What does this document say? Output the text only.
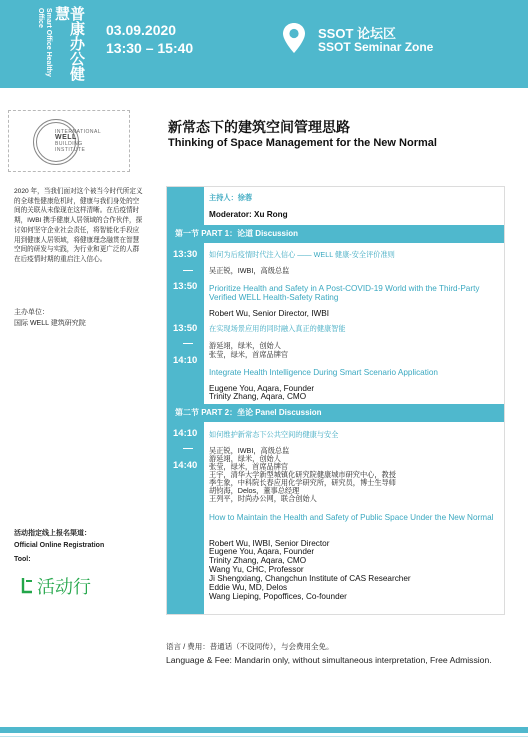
普康办公健慧
Smart Office Healthy Office
03.09.2020
13:30 – 15:40
SSOT 论坛区
SSOT Seminar Zone
INTERNATIONAL
WELL
BUILDING
INSTITUTE
新常态下的建筑空间管理思路
Thinking of Space Management for the New Normal
2020 年，当我们面对这个被当今时代所定义的全球性健康危机时，健康与我们身处的空间的关联从未像现在这样清晰。在后疫情时期，IWBI 携手健康人居领域的合作伙伴，探讨如何坚守企业社会责任，将智能化手段应用到健康人居领域，将健康理念融贯在智慧空间的研发与实践，为行业和更广泛的人群在后疫情时期的重启注入信心。
主办单位：
国际 WELL 建筑研究院
活动指定线上报名渠道：
Official Online Registration
Tool:
活动行
主持人：徐蓉
Moderator: Xu Rong
第一节 PART 1：论道 Discussion
13:30
13:50
如何为后疫情时代注入信心 —— WELL 健康-安全评价准则
吴正锐，IWBI，高级总监
Prioritize Health and Safety in A Post-COVID-19 World with the Third-Party Verified WELL Health-Safety Rating
Robert Wu, Senior Director, IWBI
13:50
14:10
在实现场景应用的同时融入真正的健康智能
游延翊，绿米，创始人
张莹，绿米，首席品牌官
Integrate Health Intelligence During Smart Scenario Application
Eugene You, Aqara, Founder
Trinity Zhang, Aqara, CMO
第二节 PART 2：坐论 Panel Discussion
14:10
14:40
如何维护新常态下公共空间的健康与安全
吴正锐，IWBI，高级总监
游延翊，绿米，创始人
张莹，绿米，首席品牌官
王宇，清华大学新型城镇化研究院健康城市研究中心，教授
季生象，中科院长春应用化学研究所，研究员，博士生导师
胡钧海，Delos，董事总经理
王列平，时尚办公网，联合创始人
How to Maintain the Health and Safety of Public Space Under the New Normal
Robert Wu, IWBI, Senior Director
Eugene You, Aqara, Founder
Trinity Zhang, Aqara, CMO
Wang Yu, CHC, Professor
Ji Shengxiang, Changchun Institute of CAS Researcher
Eddie Wu, MD, Delos
Wang Lieping, Popoffices, Co-founder
语言 / 费用：普通话（不设同传），与会费用全免。
Language & Fee: Mandarin only, without simultaneous interpretation, Free Admission.
